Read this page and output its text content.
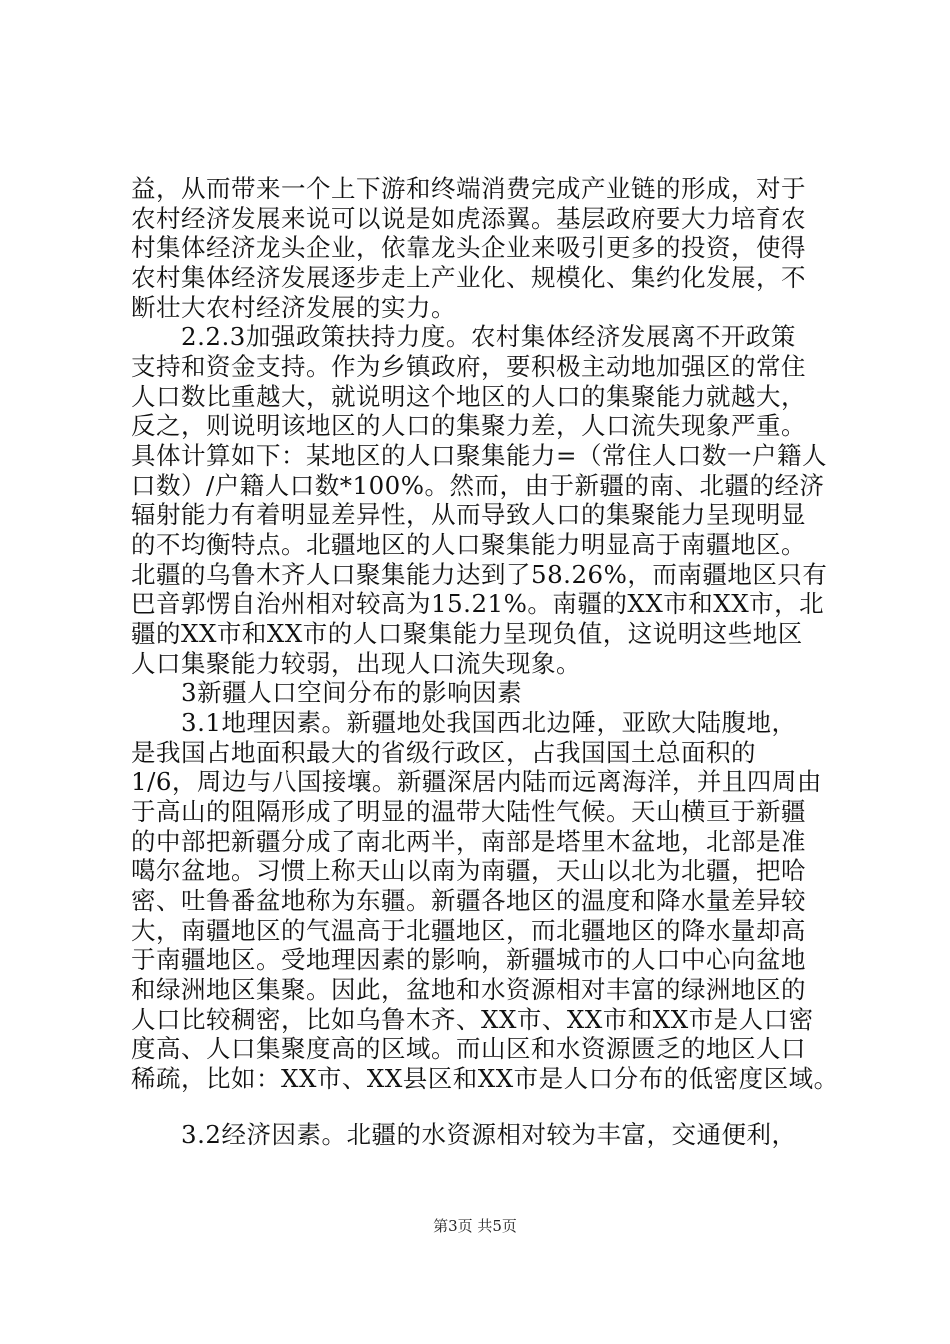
益，从而带来一个上下游和终端消费完成产业链的形成，对于
农村经济发展来说可以说是如虎添翼。基层政府要大力培育农
村集体经济龙头企业，依靠龙头企业来吸引更多的投资，使得
农村集体经济发展逐步走上产业化、规模化、集约化发展，不
断壮大农村经济发展的实力。
　　2.2.3加强政策扶持力度。农村集体经济发展离不开政策
支持和资金支持。作为乡镇政府，要积极主动地加强区的常住
人口数比重越大，就说明这个地区的人口的集聚能力就越大，
反之，则说明该地区的人口的集聚力差，人口流失现象严重。
具体计算如下：某地区的人口聚集能力=（常住人口数一户籍人
口数）/户籍人口数*100%。然而，由于新疆的南、北疆的经济
辐射能力有着明显差异性，从而导致人口的集聚能力呈现明显
的不均衡特点。北疆地区的人口聚集能力明显高于南疆地区。
北疆的乌鲁木齐人口聚集能力达到了58.26%，而南疆地区只有
巴音郭愣自治州相对较高为15.21%。南疆的XX市和XX市，北
疆的XX市和XX市的人口聚集能力呈现负值，这说明这些地区
人口集聚能力较弱，出现人口流失现象。
　　3新疆人口空间分布的影响因素
　　3.1地理因素。新疆地处我国西北边陲，亚欧大陆腹地，
是我国占地面积最大的省级行政区，占我国国土总面积的
1/6，周边与八国接壤。新疆深居内陆而远离海洋，并且四周由
于高山的阻隔形成了明显的温带大陆性气候。天山横亘于新疆
的中部把新疆分成了南北两半，南部是塔里木盆地，北部是准
噶尔盆地。习惯上称天山以南为南疆，天山以北为北疆，把哈
密、吐鲁番盆地称为东疆。新疆各地区的温度和降水量差异较
大，南疆地区的气温高于北疆地区，而北疆地区的降水量却高
于南疆地区。受地理因素的影响，新疆城市的人口中心向盆地
和绿洲地区集聚。因此，盆地和水资源相对丰富的绿洲地区的
人口比较稠密，比如乌鲁木齐、XX市、XX市和XX市是人口密
度高、人口集聚度高的区域。而山区和水资源匮乏的地区人口
稀疏，比如：XX市、XX县区和XX市是人口分布的低密度区域。
　　3.2经济因素。北疆的水资源相对较为丰富，交通便利，
第3页 共5页
